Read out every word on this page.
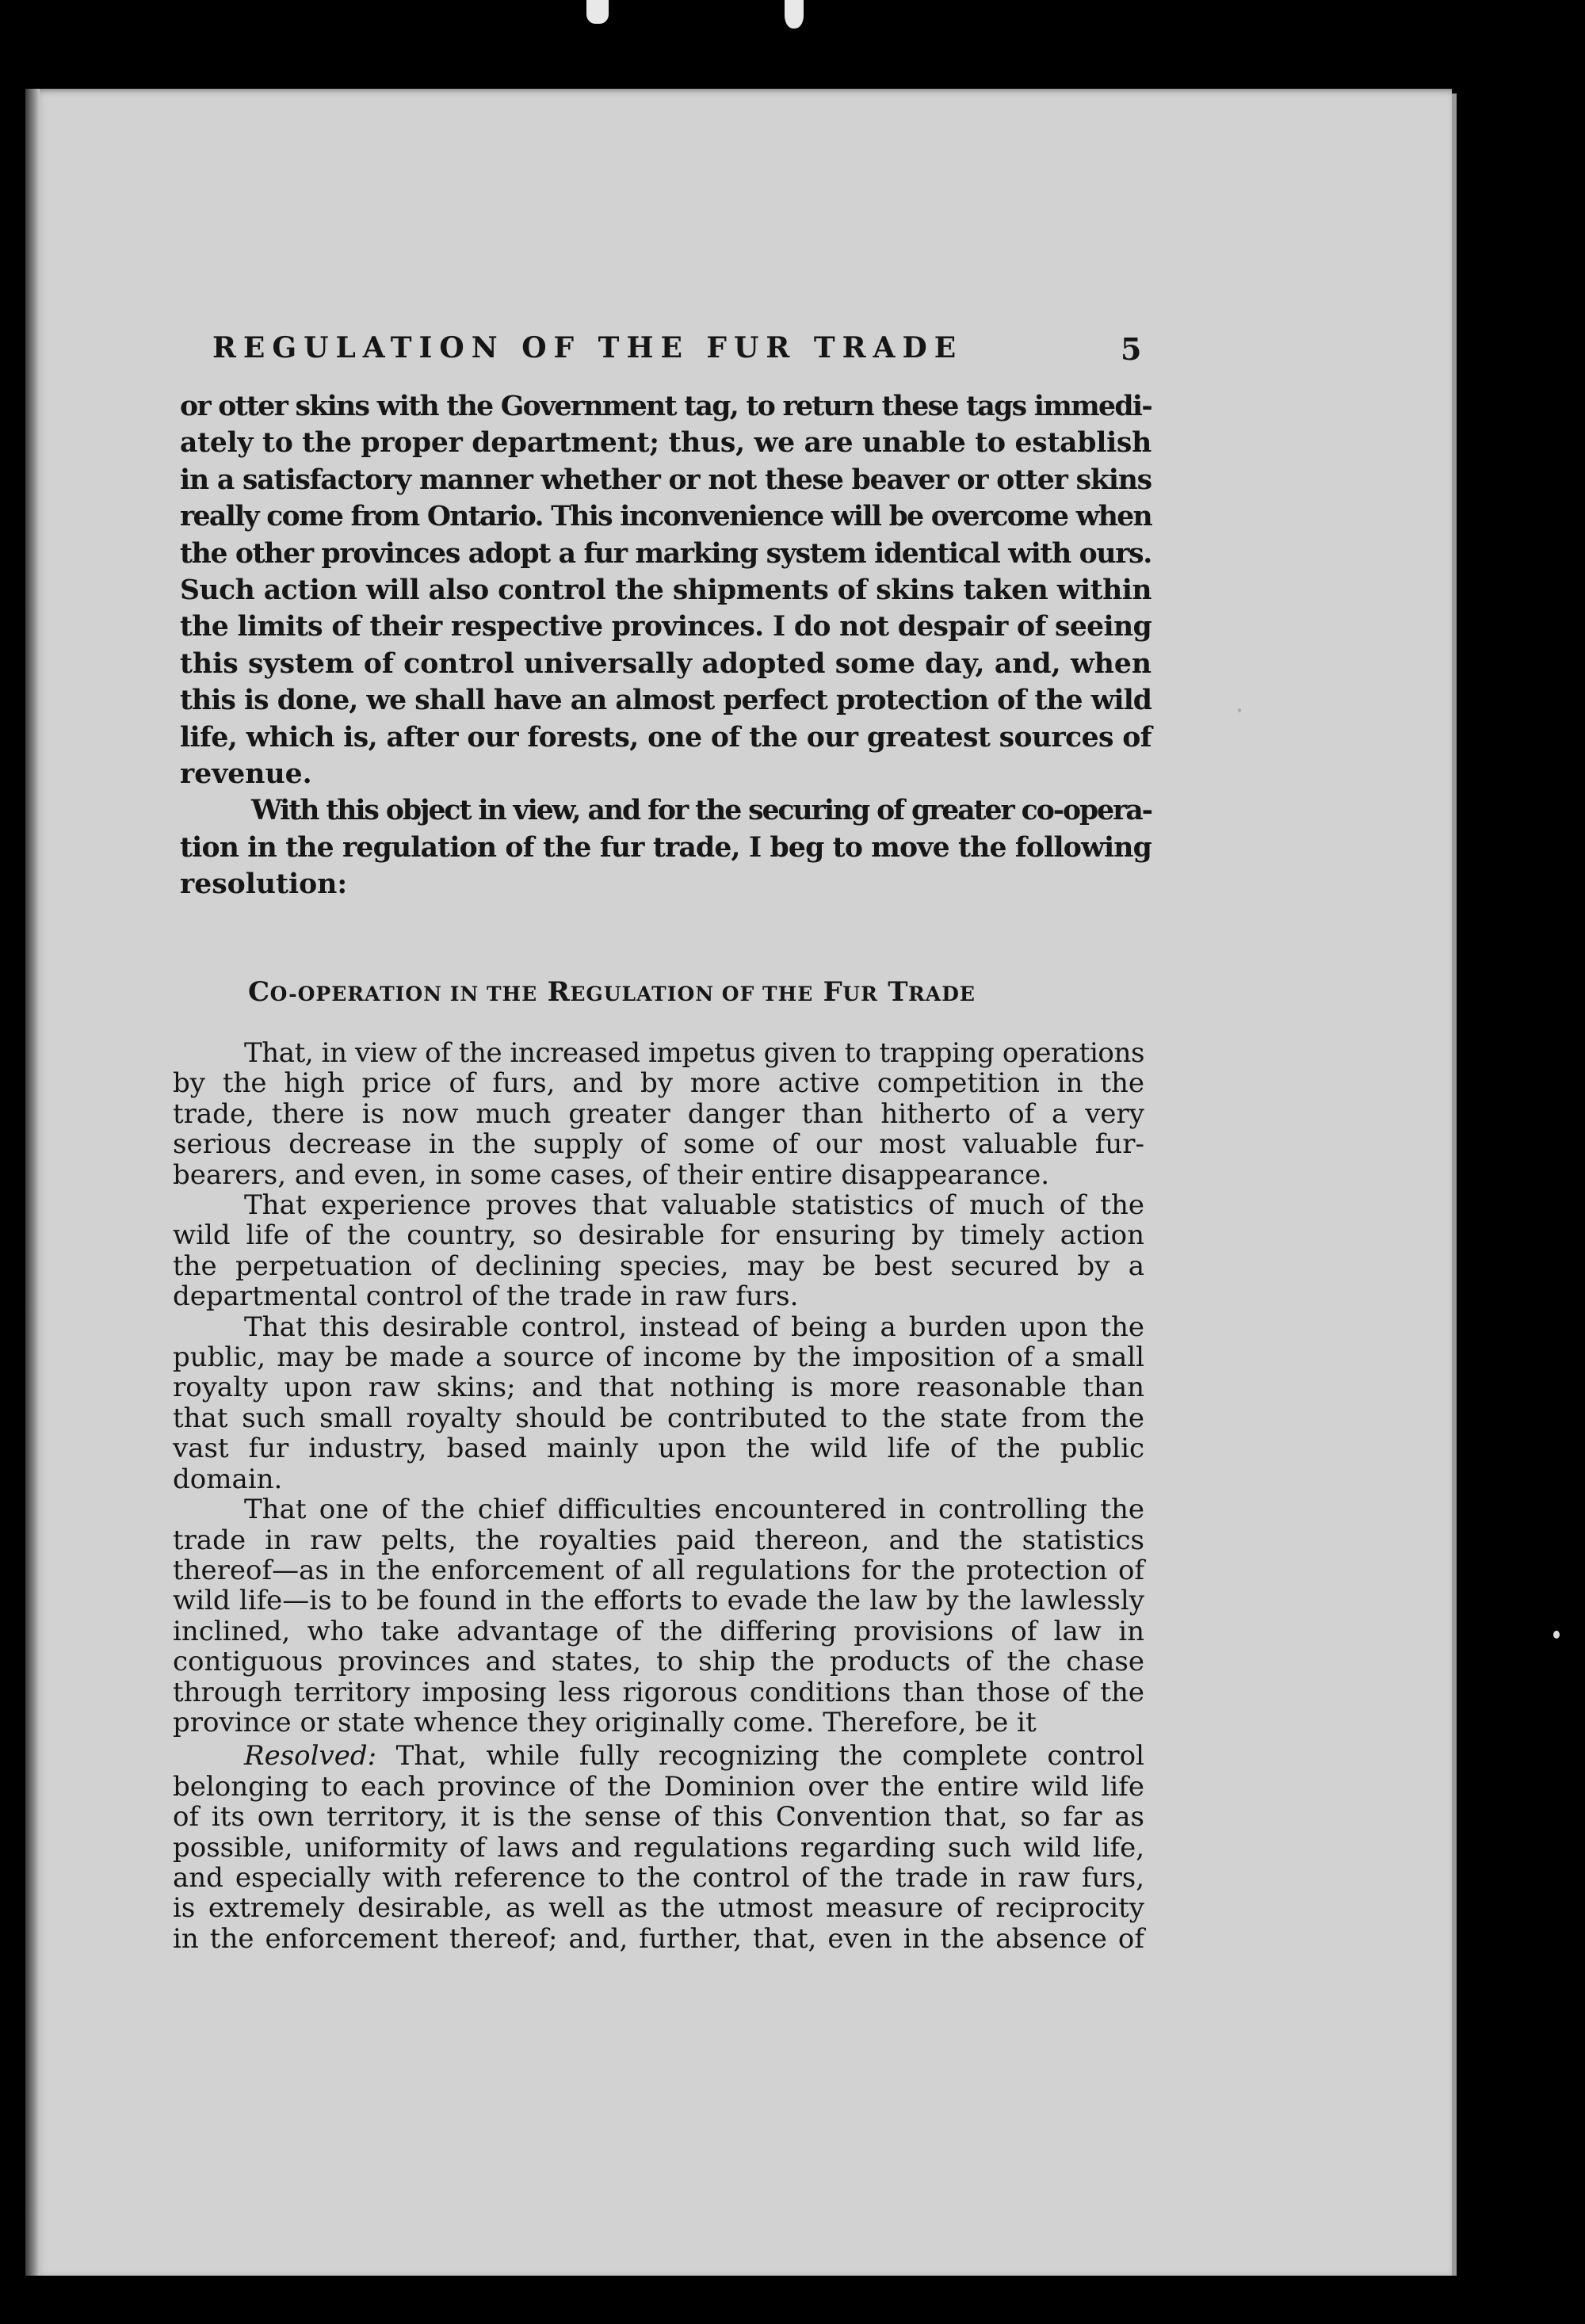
REGULATION OF THE FUR TRADE	5
or otter skins with the Government tag, to return these tags immedi-
ately to the proper department; thus, we are unable to establish
in a satisfactory manner whether or not these beaver or otter skins
really come from Ontario. This inconvenience will be overcome when
the other provinces adopt a fur marking system identical with ours.
Such action will also control the shipments of skins taken within
the limits of their respective provinces. I do not despair of seeing
this system of control universally adopted some day, and, when
this is done, we shall have an almost perfect protection of the wild
life, which is, after our forests, one of the our greatest sources of
revenue.
With this object in view, and for the securing of greater co-opera-
tion in the regulation of the fur trade, I beg to move the following
resolution:
CO-OPERATION IN THE REGULATION OF THE FUR TRADE
That, in view of the increased impetus given to trapping operations
by the high price of furs, and by more active competition in the
trade, there is now much greater danger than hitherto of a very
serious decrease in the supply of some of our most valuable fur-
bearers, and even, in some cases, of their entire disappearance.
That experience proves that valuable statistics of much of the
wild life of the country, so desirable for ensuring by timely action
the perpetuation of declining species, may be best secured by a
departmental control of the trade in raw furs.
That this desirable control, instead of being a burden upon the
public, may be made a source of income by the imposition of a small
royalty upon raw skins; and that nothing is more reasonable than
that such small royalty should be contributed to the state from the
vast fur industry, based mainly upon the wild life of the public
domain.
That one of the chief difficulties encountered in controlling the
trade in raw pelts, the royalties paid thereon, and the statistics
thereof—as in the enforcement of all regulations for the protection of
wild life—is to be found in the efforts to evade the law by the lawlessly
inclined, who take advantage of the differing provisions of law in
contiguous provinces and states, to ship the products of the chase
through territory imposing less rigorous conditions than those of the
province or state whence they originally come. Therefore, be it
Resolved: That, while fully recognizing the complete control
belonging to each province of the Dominion over the entire wild life
of its own territory, it is the sense of this Convention that, so far as
possible, uniformity of laws and regulations regarding such wild life,
and especially with reference to the control of the trade in raw furs,
is extremely desirable, as well as the utmost measure of reciprocity
in the enforcement thereof; and, further, that, even in the absence of
